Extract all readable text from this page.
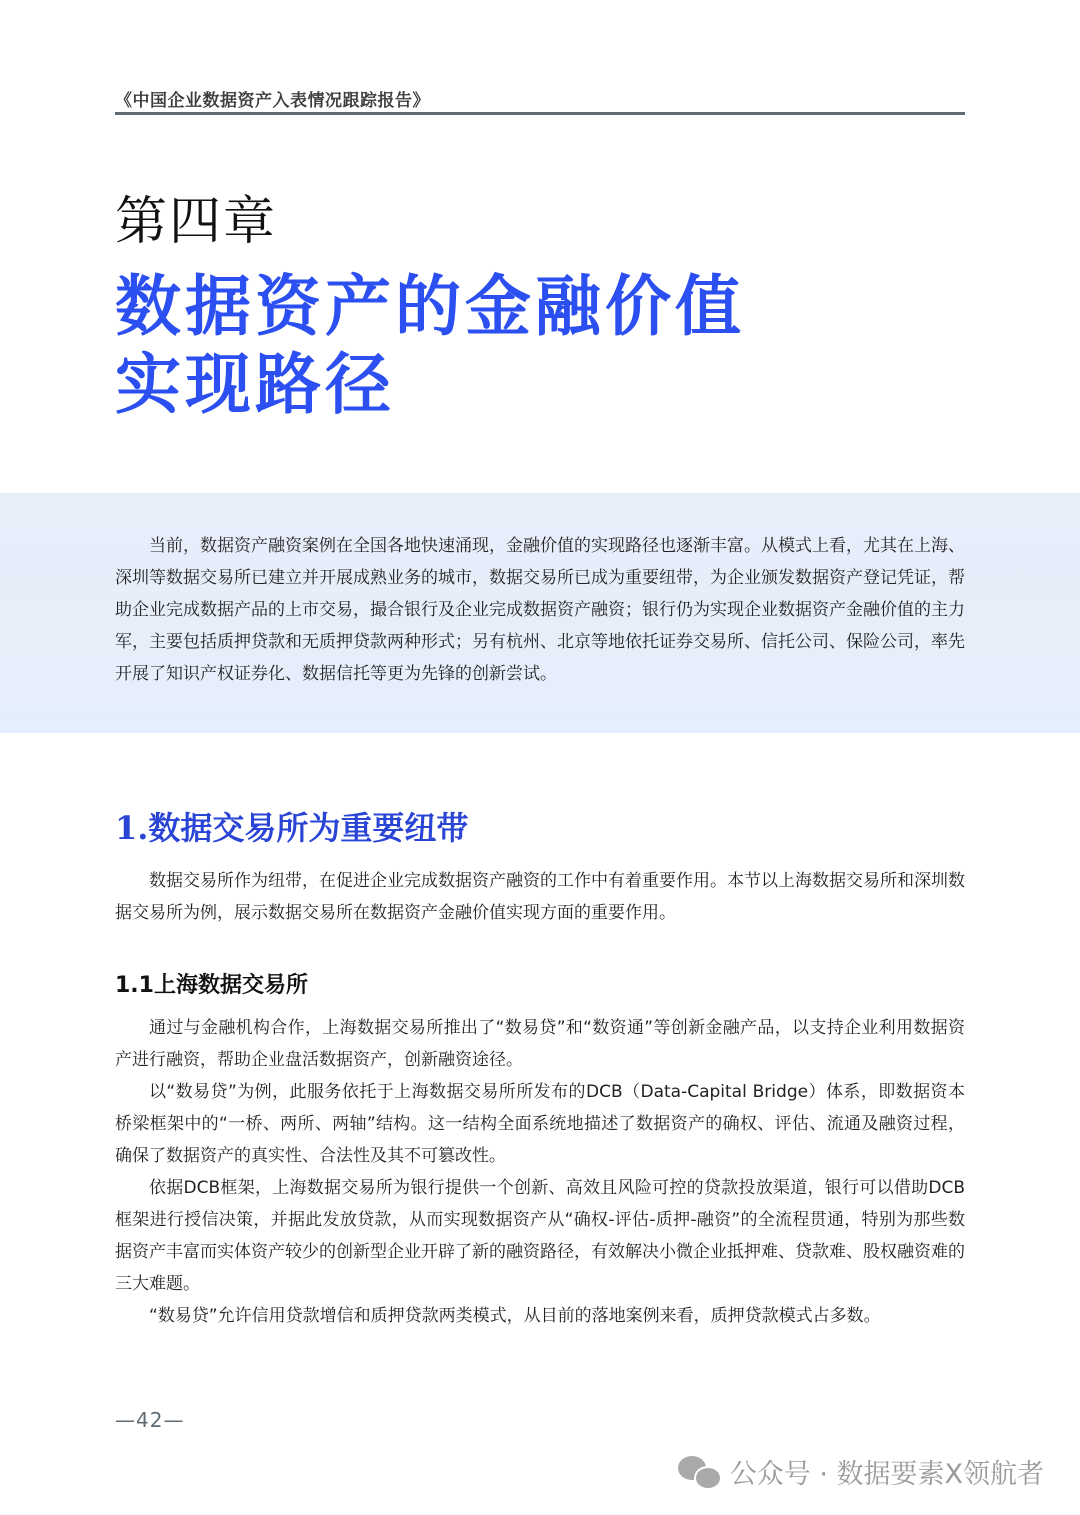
《中国企业数据资产入表情况跟踪报告》
第四章
数据资产的金融价值
实现路径
当前，数据资产融资案例在全国各地快速涌现，金融价值的实现路径也逐渐丰富。从模式上看，尤其在上海、深圳等数据交易所已建立并开展成熟业务的城市，数据交易所已成为重要纽带，为企业颁发数据资产登记凭证，帮助企业完成数据产品的上市交易，撮合银行及企业完成数据资产融资；银行仍为实现企业数据资产金融价值的主力军，主要包括质押贷款和无质押贷款两种形式；另有杭州、北京等地依托证券交易所、信托公司、保险公司，率先开展了知识产权证券化、数据信托等更为先锋的创新尝试。
1.数据交易所为重要纽带
数据交易所作为纽带，在促进企业完成数据资产融资的工作中有着重要作用。本节以上海数据交易所和深圳数据交易所为例，展示数据交易所在数据资产金融价值实现方面的重要作用。
1.1上海数据交易所
通过与金融机构合作，上海数据交易所推出了“数易贷”和“数资通”等创新金融产品，以支持企业利用数据资产进行融资，帮助企业盘活数据资产，创新融资途径。
以“数易贷”为例，此服务依托于上海数据交易所所发布的DCB（Data-Capital Bridge）体系，即数据资本桥梁框架中的“一桥、两所、两轴”结构。这一结构全面系统地描述了数据资产的确权、评估、流通及融资过程，确保了数据资产的真实性、合法性及其不可篡改性。
依据DCB框架，上海数据交易所为银行提供一个创新、高效且风险可控的贷款投放渠道，银行可以借助DCB框架进行授信决策，并据此发放贷款，从而实现数据资产从“确权-评估-质押-融资”的全流程贯通，特别为那些数据资产丰富而实体资产较少的创新型企业开辟了新的融资路径，有效解决小微企业抵押难、贷款难、股权融资难的三大难题。
“数易贷”允许信用贷款增信和质押贷款两类模式，从目前的落地案例来看，质押贷款模式占多数。
—42—
公众号 · 数据要素X领航者
